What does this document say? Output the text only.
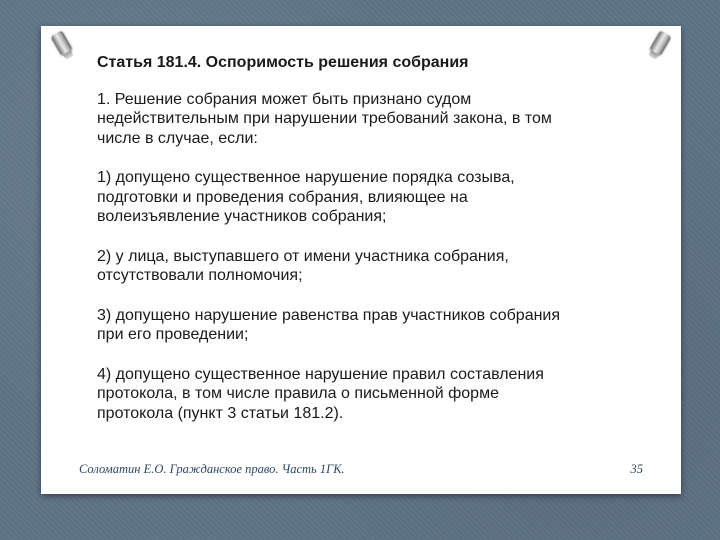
Статья 181.4. Оспоримость решения собрания
1. Решение собрания может быть признано судом
недействительным при нарушении требований закона, в том
числе в случае, если:
1) допущено существенное нарушение порядка созыва,
подготовки и проведения собрания, влияющее на
волеизъявление участников собрания;
2) у лица, выступавшего от имени участника собрания,
отсутствовали полномочия;
3) допущено нарушение равенства прав участников собрания
при его проведении;
4) допущено существенное нарушение правил составления
протокола, в том числе правила о письменной форме
протокола (пункт 3 статьи 181.2).
Соломатин Е.О. Гражданское право. Часть 1ГК.	35
